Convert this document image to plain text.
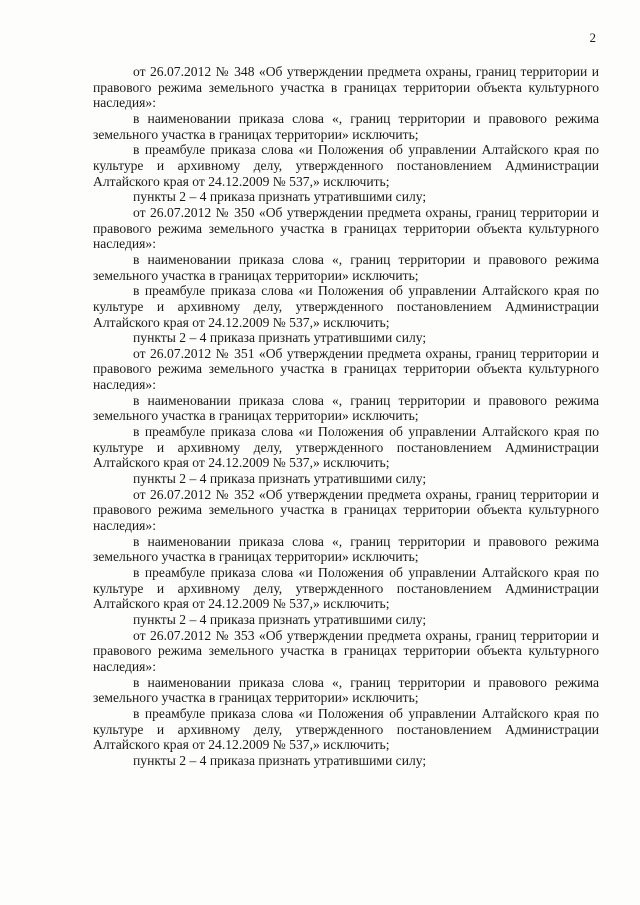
2

от 26.07.2012 № 348 «Об утверждении предмета охраны, границ территории и правового режима земельного участка в границах территории объекта культурного наследия»:

в наименовании приказа слова «, границ территории и правового режима земельного участка в границах территории» исключить;

в преамбуле приказа слова «и Положения об управлении Алтайского края по культуре и архивному делу, утвержденного постановлением Администрации Алтайского края от 24.12.2009 № 537,» исключить;

пункты 2 – 4 приказа признать утратившими силу;

от 26.07.2012 № 350 «Об утверждении предмета охраны, границ территории и правового режима земельного участка в границах территории объекта культурного наследия»:

в наименовании приказа слова «, границ территории и правового режима земельного участка в границах территории» исключить;

в преамбуле приказа слова «и Положения об управлении Алтайского края по культуре и архивному делу, утвержденного постановлением Администрации Алтайского края от 24.12.2009 № 537,» исключить;

пункты 2 – 4 приказа признать утратившими силу;

от 26.07.2012 № 351 «Об утверждении предмета охраны, границ территории и правового режима земельного участка в границах территории объекта культурного наследия»:

в наименовании приказа слова «, границ территории и правового режима земельного участка в границах территории» исключить;

в преамбуле приказа слова «и Положения об управлении Алтайского края по культуре и архивному делу, утвержденного постановлением Администрации Алтайского края от 24.12.2009 № 537,» исключить;

пункты 2 – 4 приказа признать утратившими силу;

от 26.07.2012 № 352 «Об утверждении предмета охраны, границ территории и правового режима земельного участка в границах территории объекта культурного наследия»:

в наименовании приказа слова «, границ территории и правового режима земельного участка в границах территории» исключить;

в преамбуле приказа слова «и Положения об управлении Алтайского края по культуре и архивному делу, утвержденного постановлением Администрации Алтайского края от 24.12.2009 № 537,» исключить;

пункты 2 – 4 приказа признать утратившими силу;

от 26.07.2012 № 353 «Об утверждении предмета охраны, границ территории и правового режима земельного участка в границах территории объекта культурного наследия»:

в наименовании приказа слова «, границ территории и правового режима земельного участка в границах территории» исключить;

в преамбуле приказа слова «и Положения об управлении Алтайского края по культуре и архивному делу, утвержденного постановлением Администрации Алтайского края от 24.12.2009 № 537,» исключить;

пункты 2 – 4 приказа признать утратившими силу;
